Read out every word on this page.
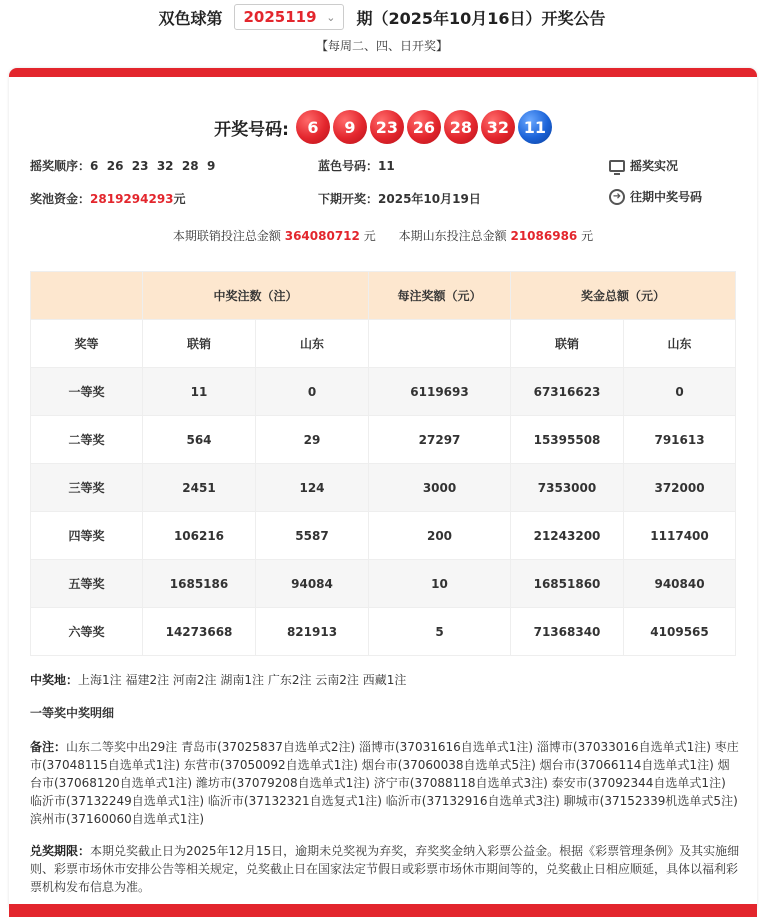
双色球第 2025119 ⌄ 期（2025年10月16日）开奖公告
【每周二、四、日开奖】
开奖号码:	6	9	23 26 28 32 11
摇奖顺序：6  26  23  32  28  9	蓝色号码：11	摇奖实况
奖池资金：2819294293元	下期开奖：2025年10月19日	➜ 往期中奖号码
本期联销投注总金额 364080712 元 本期山东投注总金额 21086986 元
	中奖注数（注）		每注奖额（元）	奖金总额（元）	
奖等	联销	山东		联销	山东
一等奖	11	0	6119693	67316623	0
二等奖	564	29	27297	15395508	791613
三等奖	2451	124	3000	7353000	372000
四等奖	106216	5587	200	21243200	1117400
五等奖	1685186	94084	10	16851860	940840
六等奖	14273668	821913	5	71368340	4109565
中奖地：上海1注 福建2注 河南2注 湖南1注 广东2注 云南2注 西藏1注
一等奖中奖明细
备注：山东二等奖中出29注 青岛市(37025837自选单式2注) 淄博市(37031616自选单式1注) 淄博市(37033016自选单式1注) 枣庄市(37048115自选单式1注) 东营市(37050092自选单式1注) 烟台市(37060038自选单式5注) 烟台市(37066114自选单式1注) 烟台市(37068120自选单式1注) 潍坊市(37079208自选单式1注) 济宁市(37088118自选单式3注) 泰安市(37092344自选单式1注) 临沂市(37132249自选单式1注) 临沂市(37132321自选复式1注) 临沂市(37132916自选单式3注) 聊城市(37152339机选单式5注) 滨州市(37160060自选单式1注)
兑奖期限：本期兑奖截止日为2025年12月15日，逾期未兑奖视为弃奖，弃奖奖金纳入彩票公益金。根据《彩票管理条例》及其实施细则、彩票市场休市安排公告等相关规定，兑奖截止日在国家法定节假日或彩票市场休市期间等的，兑奖截止日相应顺延，具体以福利彩票机构发布信息为准。
